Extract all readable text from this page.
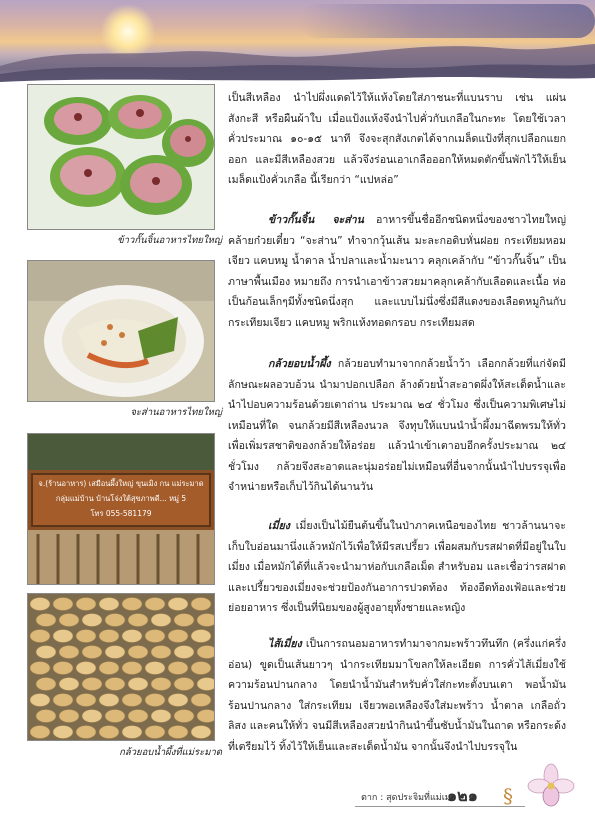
ข้าวกั๊นจิ้นอาหารไทยใหญ่
จะส่านอาหารไทยใหญ่
จ.(ร้านอาหาร) เสมือนผึ้งใหญ่ ขุนเมิง กน แม่ระมาด
กลุ่มแม่บ้าน บ้านโจ่งใต้สุขภาพดี... หมู่ 5
โทร 055-581179
กล้วยอบน้ำผึ้งที่แม่ระมาด

เป็นสีเหลือง นำไปผึ่งแดดไว้ให้แห้งโดยใส่ภาชนะที่แบนราบ เช่น แผ่นสังกะสี หรือผืนผ้าใบ เมื่อแป้งแห้งจึงนำไปคั่วกับเกลือในกะทะ โดยใช้เวลาคั่วประมาณ ๑๐-๑๕ นาที จึงจะสุกสังเกตได้จากเมล็ดแป้งที่สุกเปลือกแยกออก และมีสีเหลืองสวย แล้วจึงร่อนเอาเกลือออกให้หมดตักขึ้นพักไว้ให้เย็น เมล็ดแป้งคั่วเกลือ นี้เรียกว่า “แปหล่อ”

ข้าวกั๊นจิ้น จะส่าน อาหารขึ้นชื่ออีกชนิดหนึ่งของชาวไทยใหญ่คล้ายก๋วยเตี๋ยว “จะส่าน” ทำจากวุ้นเส้น มะละกอดิบหั่นฝอย กระเทียมหอมเจียว แคบหมู น้ำตาล น้ำปลาและน้ำมะนาว คลุกเคล้ากับ “ข้าวกั๊นจิ้น” เป็นภาษาพื้นเมือง หมายถึง การนำเอาข้าวสวยมาคลุกเคล้ากับเลือดและเนื้อ ห่อเป็นก้อนเล็กๆมีทั้งชนิดนึ่งสุก และแบบไม่นึ่งซึ่งมีสีแดงของเลือดหมูกินกับกระเทียมเจียว แคบหมู พริกแห้งทอดกรอบ กระเทียมสด

กล้วยอบน้ำผึ้ง กล้วยอบทำมาจากกล้วยน้ำว้า เลือกกล้วยที่แก่จัดมีลักษณะผลอวบอ้วน นำมาปอกเปลือก ล้างด้วยน้ำสะอาดผึ่งให้สะเด็ดน้ำและนำไปอบความร้อนด้วยเตาถ่าน ประมาณ ๒๔ ชั่วโมง ซึ่งเป็นความพิเศษไม่เหมือนที่ใด จนกล้วยมีสีเหลืองนวล จึงทุบให้แบนนำน้ำผึ้งมาฉีดพรมให้ทั่วเพื่อเพิ่มรสชาติของกล้วยให้อร่อย แล้วนำเข้าเตาอบอีกครั้งประมาณ ๒๔ ชั่วโมง กล้วยจึงสะอาดและนุ่มอร่อยไม่เหมือนที่อื่นจากนั้นนำไปบรรจุเพื่อจำหน่ายหรือเก็บไว้กินได้นานวัน

เมี่ยง เมี่ยงเป็นไม้ยืนต้นขึ้นในป่าภาคเหนือของไทย ชาวล้านนาจะเก็บใบอ่อนมานึ่งแล้วหมักไว้เพื่อให้มีรสเปรี้ยว เพื่อผสมกับรสฝาดที่มีอยู่ในใบเมี่ยง เมื่อหมักได้ที่แล้วจะนำมาห่อกับเกลือเม็ด สำหรับอม และเชื่อว่ารสฝาดและเปรี้ยวของเมี่ยงจะช่วยป้องกันอาการปวดท้อง ท้องอืดท้องเฟ้อและช่วยย่อยอาหาร ซึ่งเป็นที่นิยมของผู้สูงอายุทั้งชายและหญิง

ไส้เมี่ยง เป็นการถนอมอาหารทำมาจากมะพร้าวทึนทึก (ครึ่งแก่ครึ่งอ่อน) ขูดเป็นเส้นยาวๆ นำกระเทียมมาโขลกให้ละเอียด การคั่วไส้เมี่ยงใช้ความร้อนปานกลาง โดยนำน้ำมันสำหรับคั่วใส่กะทะตั้งบนเตา พอน้ำมันร้อนปานกลาง ใส่กระเทียม เจียวพอเหลืองจึงใส่มะพร้าว น้ำตาล เกลือถั่วลิสง และคนให้ทั่ว จนมีสีเหลืองสวยนำกินนำขึ้นซับน้ำมันในถาด หรือกระด้งที่เตรียมไว้ ทิ้งไว้ให้เย็นและสะเด็ดน้ำมัน จากนั้นจึงนำไปบรรจุใน

ตาก : สุดประจิมที่แม่เมย
๑๒๑ §
